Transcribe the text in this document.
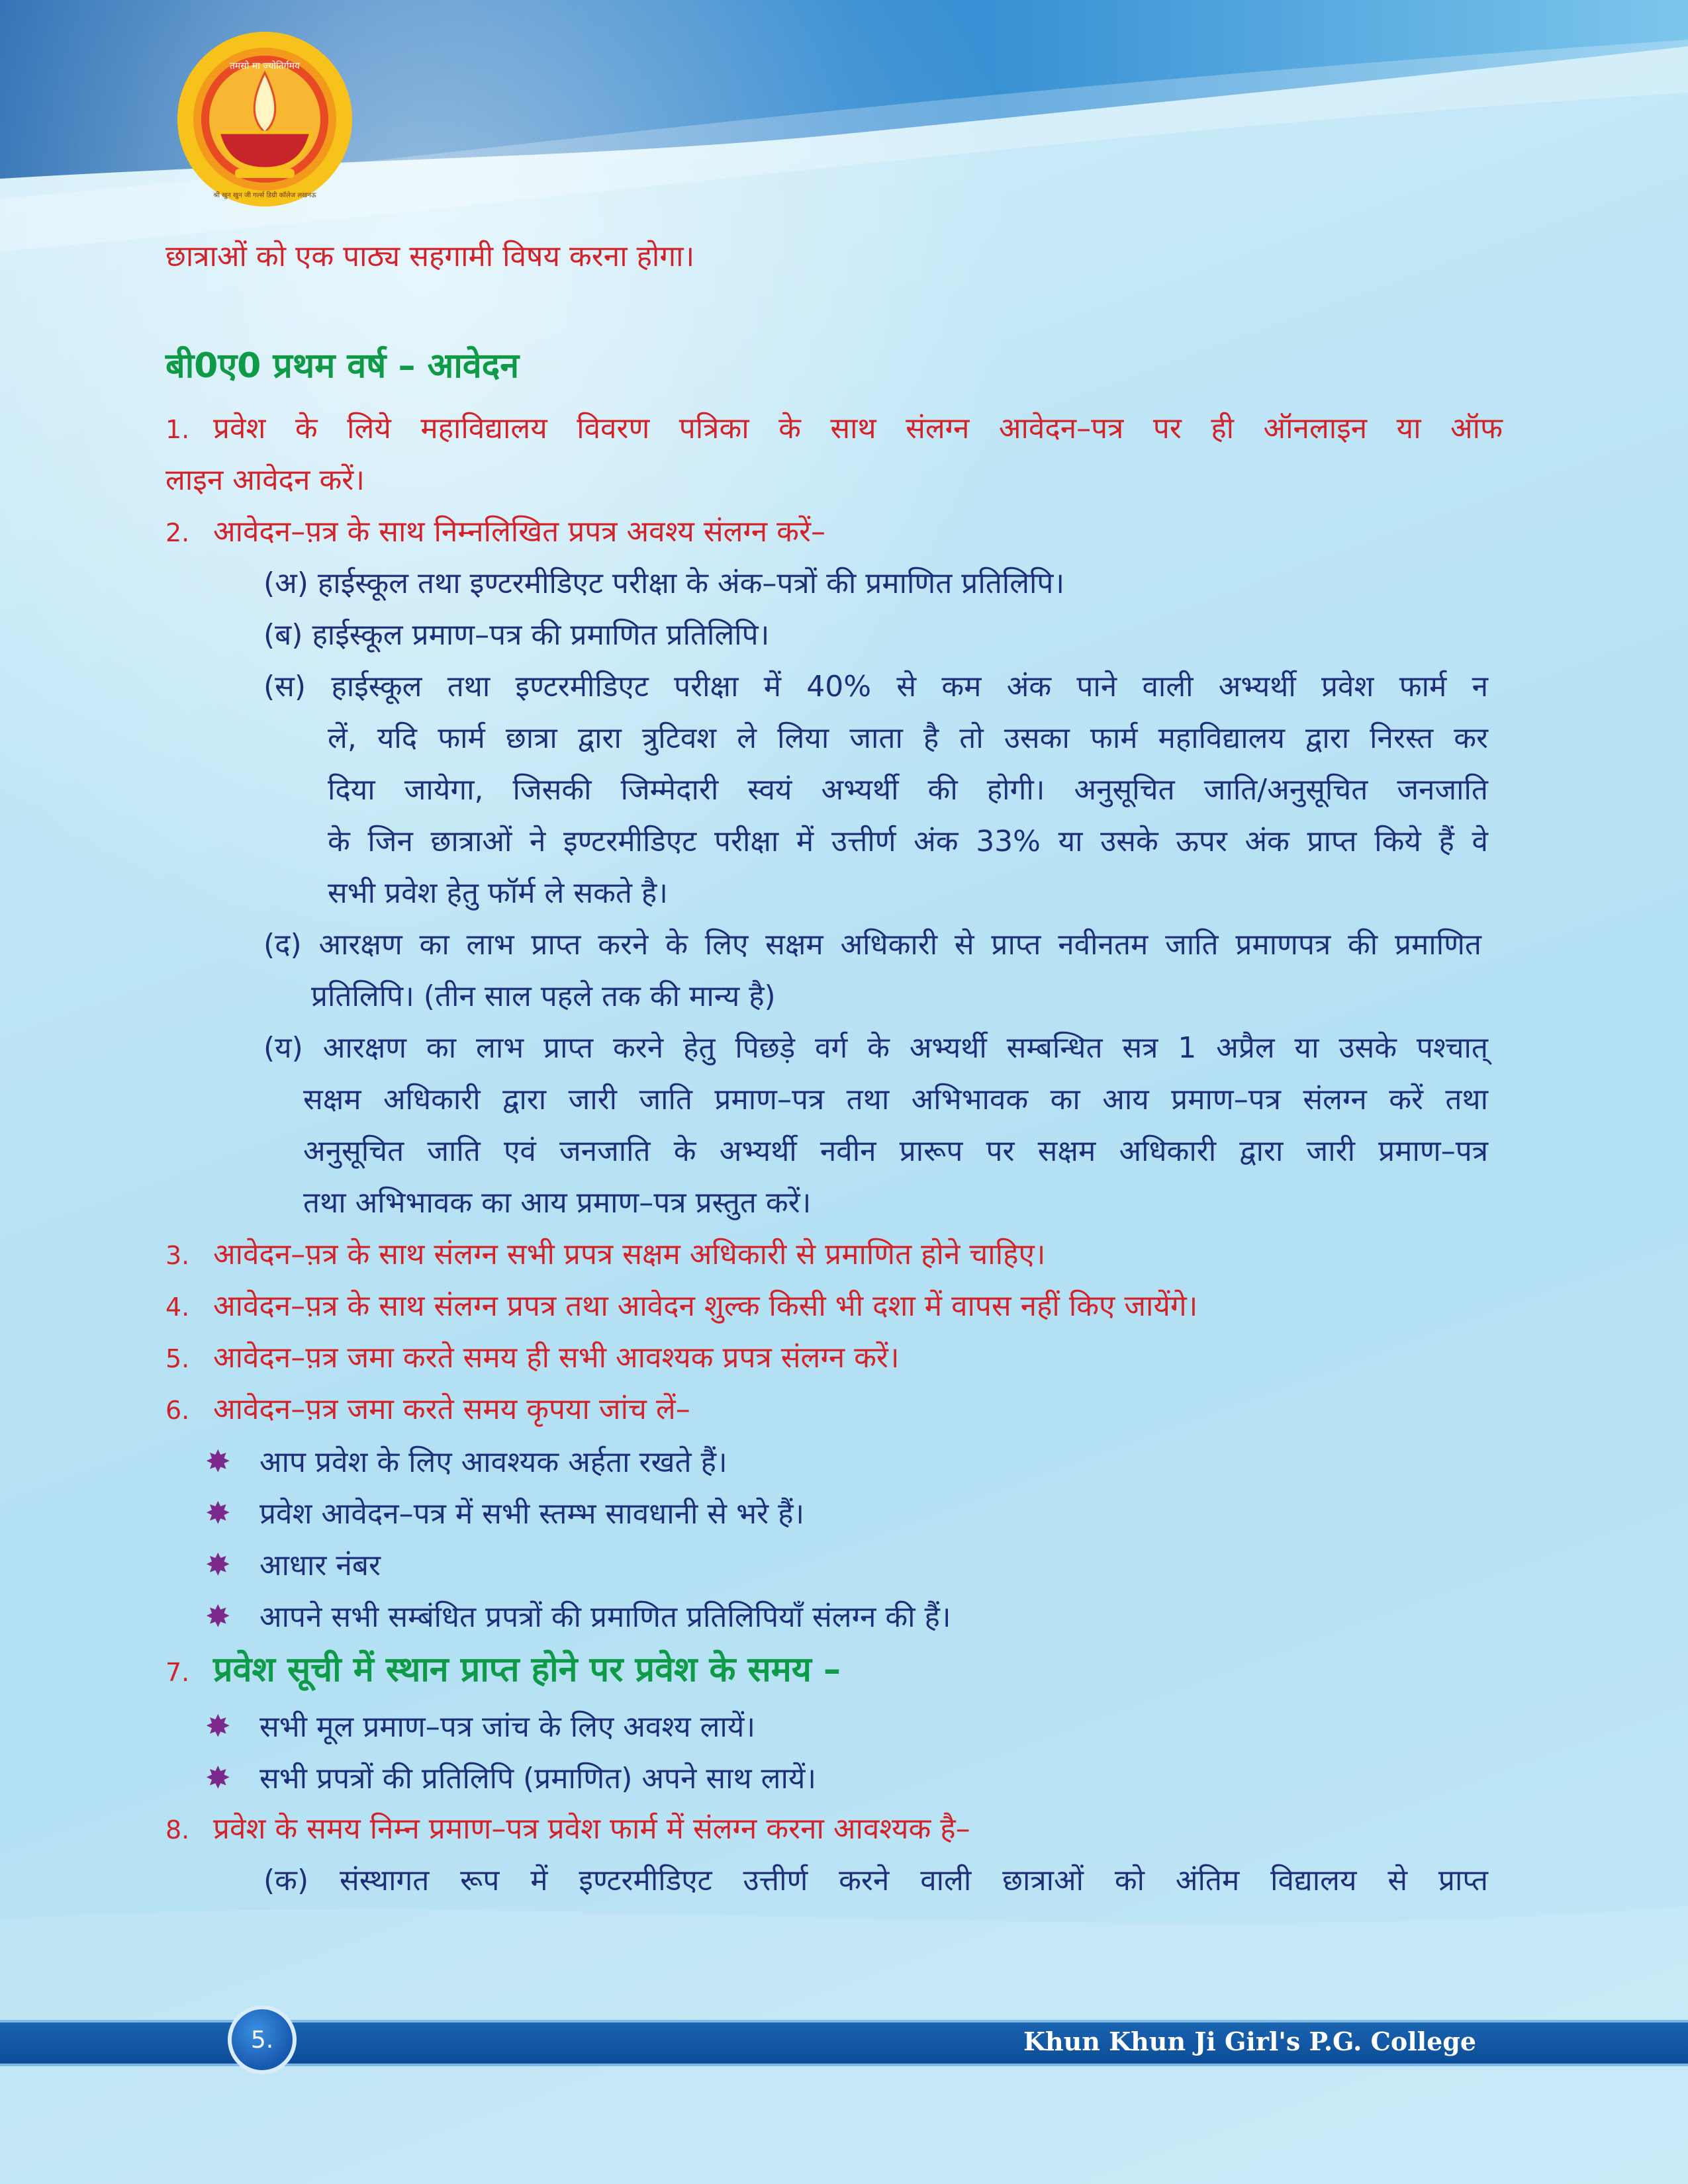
तमसो मा ज्योतिर्गमय
श्री खुन खुन जी गर्ल्स डिग्री कॉलेज लखनऊ
छात्राओं को एक पाठ्य सहगामी विषय करना होगा।
बी0ए0 प्रथम वर्ष – आवेदन
1. प्रवेश के लिये महाविद्यालय विवरण पत्रिका के साथ संलग्न आवेदन–पत्र पर ही ऑनलाइन या ऑफ
लाइन आवेदन करें।
2. आवेदन–प़त्र के साथ निम्नलिखित प्रपत्र अवश्य संलग्न करें–
(अ) हाईस्कूल तथा इण्टरमीडिएट परीक्षा के अंक–पत्रों की प्रमाणित प्रतिलिपि।
(ब) हाईस्कूल प्रमाण–पत्र की प्रमाणित प्रतिलिपि।
(स) हाईस्कूल तथा इण्टरमीडिएट परीक्षा में 40% से कम अंक पाने वाली अभ्यर्थी प्रवेश फार्म न
लें, यदि फार्म छात्रा द्वारा त्रुटिवश ले लिया जाता है तो उसका फार्म महाविद्यालय द्वारा निरस्त कर
दिया जायेगा, जिसकी जिम्मेदारी स्वयं अभ्यर्थी की होगी। अनुसूचित जाति/अनुसूचित जनजाति
के जिन छात्राओं ने इण्टरमीडिएट परीक्षा में उत्तीर्ण अंक 33% या उसके ऊपर अंक प्राप्त किये हैं वे
सभी प्रवेश हेतु फॉर्म ले सकते है।
(द) आरक्षण का लाभ प्राप्त करने के लिए सक्षम अधिकारी से प्राप्त नवीनतम जाति प्रमाणपत्र की प्रमाणित
प्रतिलिपि। (तीन साल पहले तक की मान्य है)
(य) आरक्षण का लाभ प्राप्त करने हेतु पिछड़े वर्ग के अभ्यर्थी सम्बन्धित सत्र 1 अप्रैल या उसके पश्चात्
सक्षम अधिकारी द्वारा जारी जाति प्रमाण–पत्र तथा अभिभावक का आय प्रमाण–पत्र संलग्न करें तथा
अनुसूचित जाति एवं जनजाति के अभ्यर्थी नवीन प्रारूप पर सक्षम अधिकारी द्वारा जारी प्रमाण–पत्र
तथा अभिभावक का आय प्रमाण–पत्र प्रस्तुत करें।
3. आवेदन–प़त्र के साथ संलग्न सभी प्रपत्र सक्षम अधिकारी से प्रमाणित होने चाहिए।
4. आवेदन–प़त्र के साथ संलग्न प्रपत्र तथा आवेदन शुल्क किसी भी दशा में वापस नहीं किए जायेंगे।
5. आवेदन–प़त्र जमा करते समय ही सभी आवश्यक प्रपत्र संलग्न करें।
6. आवेदन–प़त्र जमा करते समय कृपया जांच लें–
✸ आप प्रवेश के लिए आवश्यक अर्हता रखते हैं।
✸ प्रवेश आवेदन–पत्र में सभी स्तम्भ सावधानी से भरे हैं।
✸ आधार नंबर
✸ आपने सभी सम्बंधित प्रपत्रों की प्रमाणित प्रतिलिपियाँ संलग्न की हैं।
7. प्रवेश सूची में स्थान प्राप्त होने पर प्रवेश के समय –
✸ सभी मूल प्रमाण–पत्र जांच के लिए अवश्य लायें।
✸ सभी प्रपत्रों की प्रतिलिपि (प्रमाणित) अपने साथ लायें।
8. प्रवेश के समय निम्न प्रमाण–पत्र प्रवेश फार्म में संलग्न करना आवश्यक है–
(क) संस्थागत रूप में इण्टरमीडिएट उत्तीर्ण करने वाली छात्राओं को अंतिम विद्यालय से प्राप्त
5.	Khun Khun Ji Girl's P.G. College
